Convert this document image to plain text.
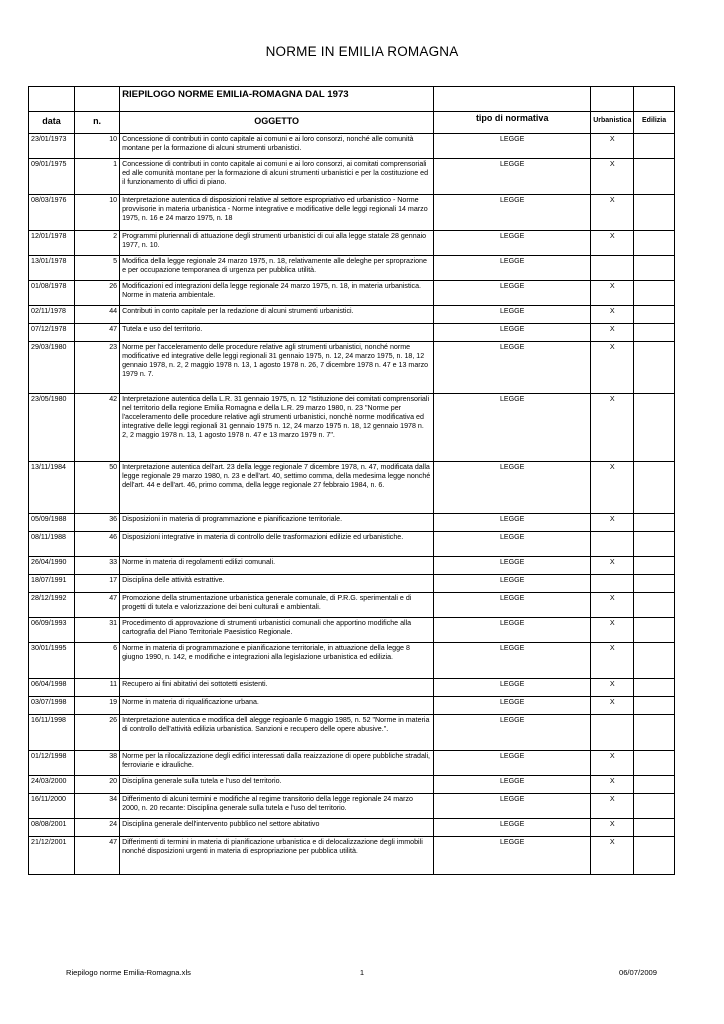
NORME IN EMILIA ROMAGNA
		RIEPILOGO NORME EMILIA-ROMAGNA DAL 1973			
data	n.	OGGETTO	tipo di normativa	Urbanistica	Edilizia
23/01/1973	10	Concessione di contributi in conto capitale ai comuni e ai loro consorzi, nonché alle comunità montane per la formazione di alcuni strumenti urbanistici.	LEGGE	X	
09/01/1975	1	Concessione di contributi in conto capitale ai comuni e ai loro consorzi, ai comitati comprensoriali ed alle comunità montane per la formazione di alcuni strumenti urbanistici e per la costituzione ed il funzionamento di uffici di piano.	LEGGE	X	
08/03/1976	10	Interpretazione autentica di disposizioni relative al settore espropriativo ed urbanistico - Norme provvisorie in materia urbanistica - Norme integrative e modificative delle leggi regionali 14 marzo 1975, n. 16 e 24 marzo 1975, n. 18	LEGGE	X	
12/01/1978	2	Programmi pluriennali di attuazione degli strumenti urbanistici di cui alla legge statale 28 gennaio 1977, n. 10.	LEGGE	X	
13/01/1978	5	Modifica della legge regionale 24 marzo 1975, n. 18, relativamente alle deleghe per sproprazione e per occupazione temporanea di urgenza per pubblica utilità.	LEGGE		
01/08/1978	26	Modificazioni ed integrazioni della legge regionale 24 marzo 1975, n. 18, in materia urbanistica. Norme in materia ambientale.	LEGGE	X	
02/11/1978	44	Contributi in conto capitale per la redazione di alcuni strumenti urbanistici.	LEGGE	X	
07/12/1978	47	Tutela e uso del territorio.	LEGGE	X	
29/03/1980	23	Norme per l'acceleramento delle procedure relative agli strumenti urbanistici, nonché norme modificative ed integrative delle leggi regionali 31 gennaio 1975, n. 12, 24 marzo 1975, n. 18, 12 gennaio 1978, n. 2, 2 maggio 1978 n. 13, 1 agosto 1978 n. 26, 7 dicembre 1978 n. 47 e 13 marzo 1979 n. 7.	LEGGE	X	
23/05/1980	42	Interpretazione autentica della L.R. 31 gennaio 1975, n. 12 "Istituzione dei comitati comprensoriali nel territorio della regione Emilia Romagna e della L.R. 29 marzo 1980, n. 23 "Norme per l'acceleramento delle procedure relative agli strumenti urbanistici, nonchè norme modificativa ed integrative delle leggi regionali 31 gennaio 1975 n. 12, 24 marzo 1975 n. 18, 12 gennaio 1978 n. 2, 2 maggio 1978 n. 13, 1 agosto 1978 n. 47 e 13 marzo 1979 n. 7".	LEGGE	X	
13/11/1984	50	Interpretazione autentica dell'art. 23 della legge regionale 7 dicembre 1978, n. 47, modificata dalla legge regionale 29 marzo 1980, n. 23 e dell'art. 40, settimo comma, della medesima legge nonché dell'art. 44 e dell'art. 46, primo comma, della legge regionale 27 febbraio 1984, n. 6.	LEGGE	X	
05/09/1988	36	Disposizioni in materia di programmazione e pianificazione territoriale.	LEGGE	X	
08/11/1988	46	Disposizioni integrative in materia di controllo delle trasformazioni edilizie ed urbanistiche.	LEGGE		
26/04/1990	33	Norme in materia di regolamenti edilizi comunali.	LEGGE	X	
18/07/1991	17	Disciplina delle attività estrattive.	LEGGE		
28/12/1992	47	Promozione della strumentazione urbanistica generale comunale, di P.R.G. sperimentali e di progetti di tutela e valorizzazione dei beni culturali e ambientali.	LEGGE	X	
06/09/1993	31	Procedimento di approvazione di strumenti urbanistici comunali che apportino modifiche alla cartografia del Piano Territoriale Paesistico Regionale.	LEGGE	X	
30/01/1995	6	Norme in materia di programmazione e pianificazione territoriale, in attuazione della legge 8 giugno 1990, n. 142, e modifiche e integrazioni alla legislazione urbanistica ed edilizia.	LEGGE	X	
06/04/1998	11	Recupero ai fini abitativi dei sottotetti esistenti.	LEGGE	X	
03/07/1998	19	Norme in materia di riqualificazione urbana.	LEGGE	X	
16/11/1998	26	Interpretazione autentica e modifica dell alegge regioanle 6 maggio 1985, n. 52 "Norme in materia di controllo dell'attività edilizia urbanistica. Sanzioni e recupero delle opere abusive.".	LEGGE		
01/12/1998	38	Norme per la rilocalizzazione degli edifici interessati dalla reaizzazione di opere pubbliche stradali, ferroviarie e idrauliche.	LEGGE	X	
24/03/2000	20	Disciplina generale sulla tutela e l'uso del territorio.	LEGGE	X	
16/11/2000	34	Differimento di alcuni termini e modifiche al regime transitorio della legge regionale 24 marzo 2000, n. 20 recante: Disciplina generale sulla tutela e l'uso del territorio.	LEGGE	X	
08/08/2001	24	Disciplina generale dell'intervento pubblico nel settore abitativo	LEGGE	X	
21/12/2001	47	Differimenti di termini in materia di pianificazione urbanistica e di delocalizzazione degli immobili nonché disposizioni urgenti in materia di espropriazione per pubblica utilità.	LEGGE	X	
Riepilogo norme Emilia-Romagna.xls	1	06/07/2009
